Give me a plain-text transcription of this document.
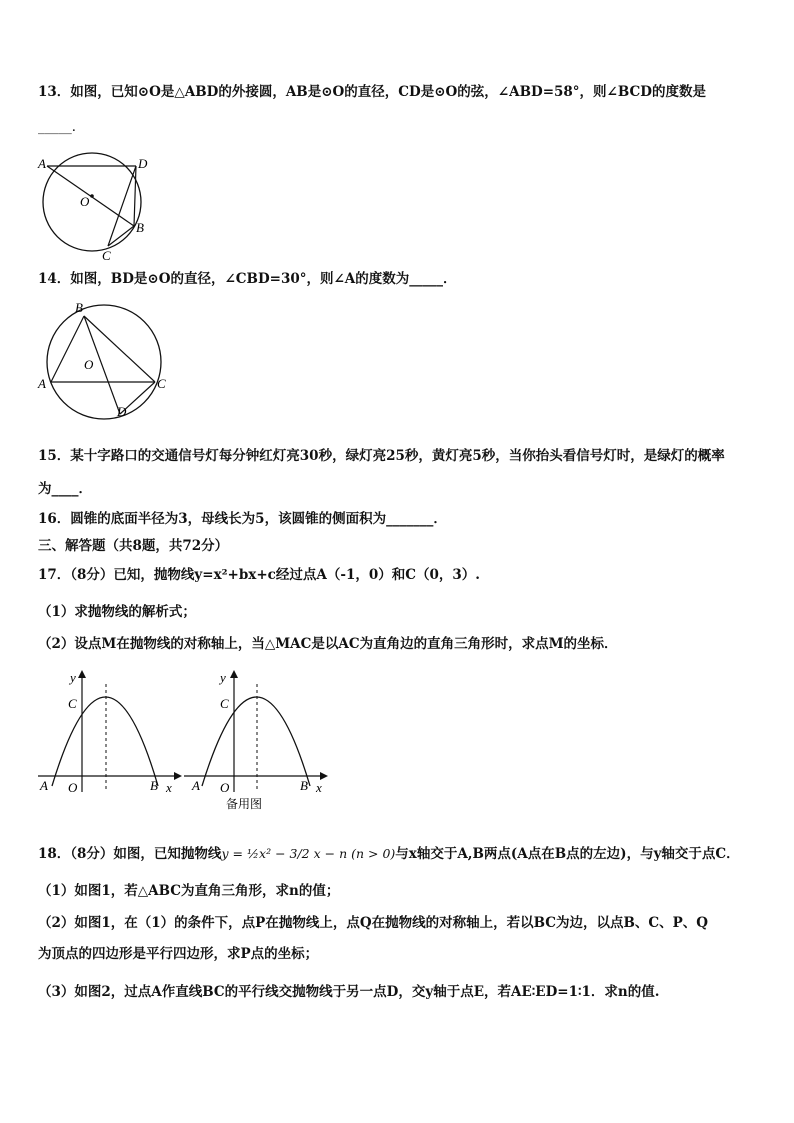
13．如图，已知⊙O是△ABD的外接圆，AB是⊙O的直径，CD是⊙O的弦，∠ABD=58°，则∠BCD的度数是
_____．
A	D
O
B
C
14．如图，BD是⊙O的直径，∠CBD=30°，则∠A的度数为_____．
B
O
A	C
D
15．某十字路口的交通信号灯每分钟红灯亮30秒，绿灯亮25秒，黄灯亮5秒，当你抬头看信号灯时，是绿灯的概率
为____．
16．圆锥的底面半径为3，母线长为5，该圆锥的侧面积为_______．
三、解答题（共8题，共72分）
17．（8分）已知，抛物线y=x²+bx+c经过点A（-1，0）和C（0，3）.
（1）求抛物线的解析式；
（2）设点M在抛物线的对称轴上，当△MAC是以AC为直角边的直角三角形时，求点M的坐标．
y
C
A O	B x
y
C
A O	B x
备用图
18．（8分）如图，已知抛物线y = ½x² − 3/2 x − n (n > 0)与x轴交于A,B两点(A点在B点的左边)，与y轴交于点C．
（1）如图1，若△ABC为直角三角形，求n的值；
（2）如图1，在（1）的条件下，点P在抛物线上，点Q在抛物线的对称轴上，若以BC为边，以点B、C、P、Q
为顶点的四边形是平行四边形，求P点的坐标；
（3）如图2，过点A作直线BC的平行线交抛物线于另一点D，交y轴于点E，若AE∶ED=1∶1．求n的值.
